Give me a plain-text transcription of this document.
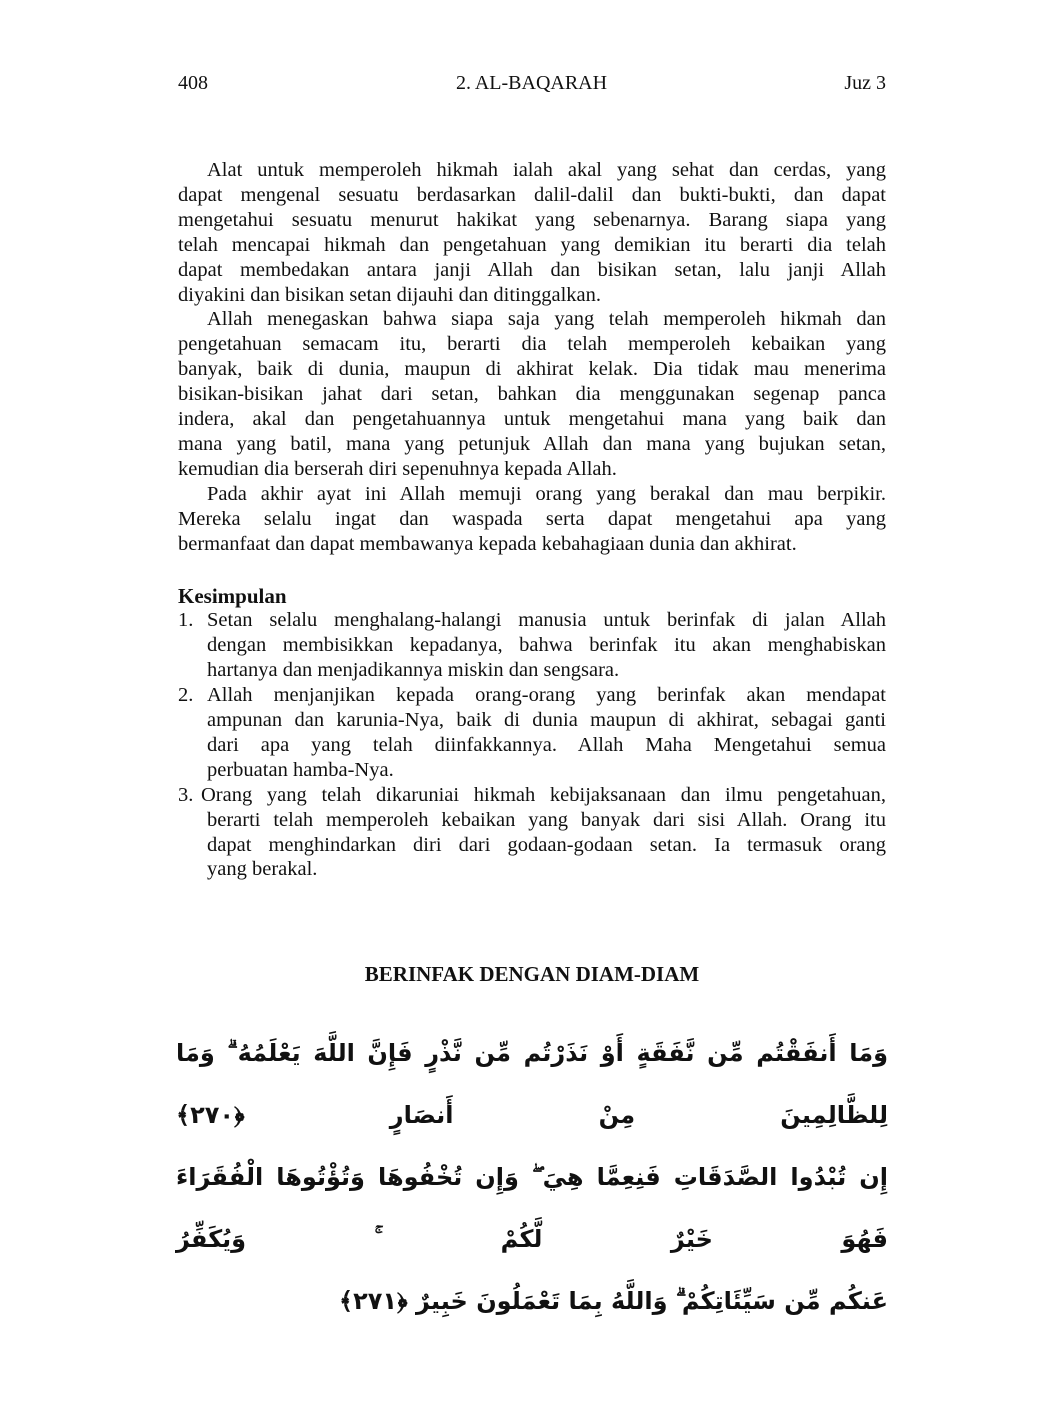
408	2. AL-BAQARAH	Juz 3
Alat untuk memperoleh hikmah ialah akal yang sehat dan cerdas, yang
dapat mengenal sesuatu berdasarkan dalil-dalil dan bukti-bukti, dan dapat
mengetahui sesuatu menurut hakikat yang sebenarnya. Barang siapa yang
telah mencapai hikmah dan pengetahuan yang demikian itu berarti dia telah
dapat membedakan antara janji Allah dan bisikan setan, lalu janji Allah
diyakini dan bisikan setan dijauhi dan ditinggalkan.
Allah menegaskan bahwa siapa saja yang telah memperoleh hikmah dan
pengetahuan semacam itu, berarti dia telah memperoleh kebaikan yang
banyak, baik di dunia, maupun di akhirat kelak. Dia tidak mau menerima
bisikan-bisikan jahat dari setan, bahkan dia menggunakan segenap panca
indera, akal dan pengetahuannya untuk mengetahui mana yang baik dan
mana yang batil, mana yang petunjuk Allah dan mana yang bujukan setan,
kemudian dia berserah diri sepenuhnya kepada Allah.
Pada akhir ayat ini Allah memuji orang yang berakal dan mau berpikir.
Mereka selalu ingat dan waspada serta dapat mengetahui apa yang
bermanfaat dan dapat membawanya kepada kebahagiaan dunia dan akhirat.
Kesimpulan
1. Setan selalu menghalang-halangi manusia untuk berinfak di jalan Allah
dengan membisikkan kepadanya, bahwa berinfak itu akan menghabiskan
hartanya dan menjadikannya miskin dan sengsara.
2. Allah menjanjikan kepada orang-orang yang berinfak akan mendapat
ampunan dan karunia-Nya, baik di dunia maupun di akhirat, sebagai ganti
dari apa yang telah diinfakkannya. Allah Maha Mengetahui semua
perbuatan hamba-Nya.
3. Orang yang telah dikaruniai hikmah kebijaksanaan dan ilmu pengetahuan,
berarti telah memperoleh kebaikan yang banyak dari sisi Allah. Orang itu
dapat menghindarkan diri dari godaan-godaan setan. Ia termasuk orang
yang berakal.
BERINFAK DENGAN DIAM-DIAM
وَمَا أَنفَقْتُم مِّن نَّفَقَةٍ أَوْ نَذَرْتُم مِّن نَّذْرٍ فَإِنَّ اللَّهَ يَعْلَمُهُ ۗ وَمَا لِلظَّالِمِينَ مِنْ أَنصَارٍ ﴿٢٧٠﴾
إِن تُبْدُوا الصَّدَقَاتِ فَنِعِمَّا هِيَ ۖ وَإِن تُخْفُوهَا وَتُؤْتُوهَا الْفُقَرَاءَ فَهُوَ خَيْرٌ لَّكُمْ ۚ وَيُكَفِّرُ
عَنكُم مِّن سَيِّئَاتِكُمْ ۗ وَاللَّهُ بِمَا تَعْمَلُونَ خَبِيرٌ ﴿٢٧١﴾
